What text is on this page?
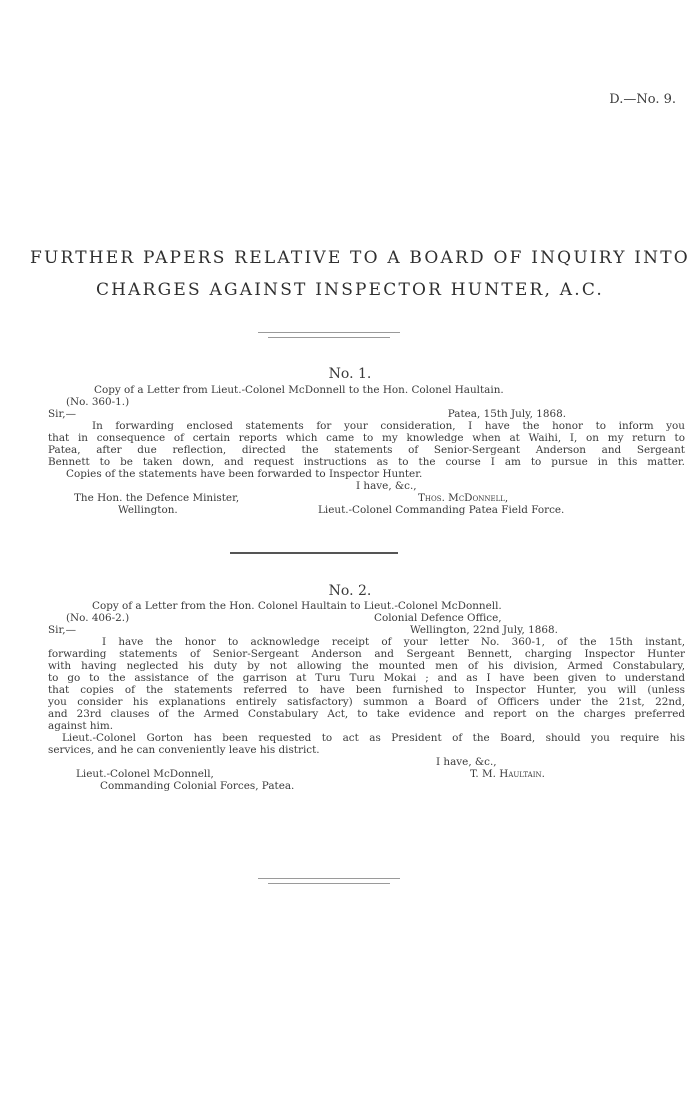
D.—No. 9.
FURTHER PAPERS RELATIVE TO A BOARD OF INQUIRY INTO
CHARGES AGAINST INSPECTOR HUNTER, A.C.
No. 1.
Copy of a Letter from Lieut.-Colonel McDonnell to the Hon. Colonel Haultain.
(No. 360-1.)
Sir,—	Patea, 15th July, 1868.
In forwarding enclosed statements for your consideration, I have the honor to inform you
that in consequence of certain reports which came to my knowledge when at Waihi, I, on my return to
Patea, after due reflection, directed the statements of Senior-Sergeant Anderson and Sergeant
Bennett to be taken down, and request instructions as to the course I am to pursue in this matter.
Copies of the statements have been forwarded to Inspector Hunter.
I have, &c.,
The Hon. the Defence Minister,	Thos. McDonnell,
Wellington.	Lieut.-Colonel Commanding Patea Field Force.
No. 2.
Copy of a Letter from the Hon. Colonel Haultain to Lieut.-Colonel McDonnell.
(No. 406-2.)	Colonial Defence Office,
Sir,—	Wellington, 22nd July, 1868.
I have the honor to acknowledge receipt of your letter No. 360-1, of the 15th instant,
forwarding statements of Senior-Sergeant Anderson and Sergeant Bennett, charging Inspector Hunter
with having neglected his duty by not allowing the mounted men of his division, Armed Constabulary,
to go to the assistance of the garrison at Turu Turu Mokai ; and as I have been given to understand
that copies of the statements referred to have been furnished to Inspector Hunter, you will (unless
you consider his explanations entirely satisfactory) summon a Board of Officers under the 21st, 22nd,
and 23rd clauses of the Armed Constabulary Act, to take evidence and report on the charges preferred
against him.
Lieut.-Colonel Gorton has been requested to act as President of the Board, should you require his
services, and he can conveniently leave his district.
I have, &c.,
Lieut.-Colonel McDonnell,	T. M. Haultain.
Commanding Colonial Forces, Patea.
